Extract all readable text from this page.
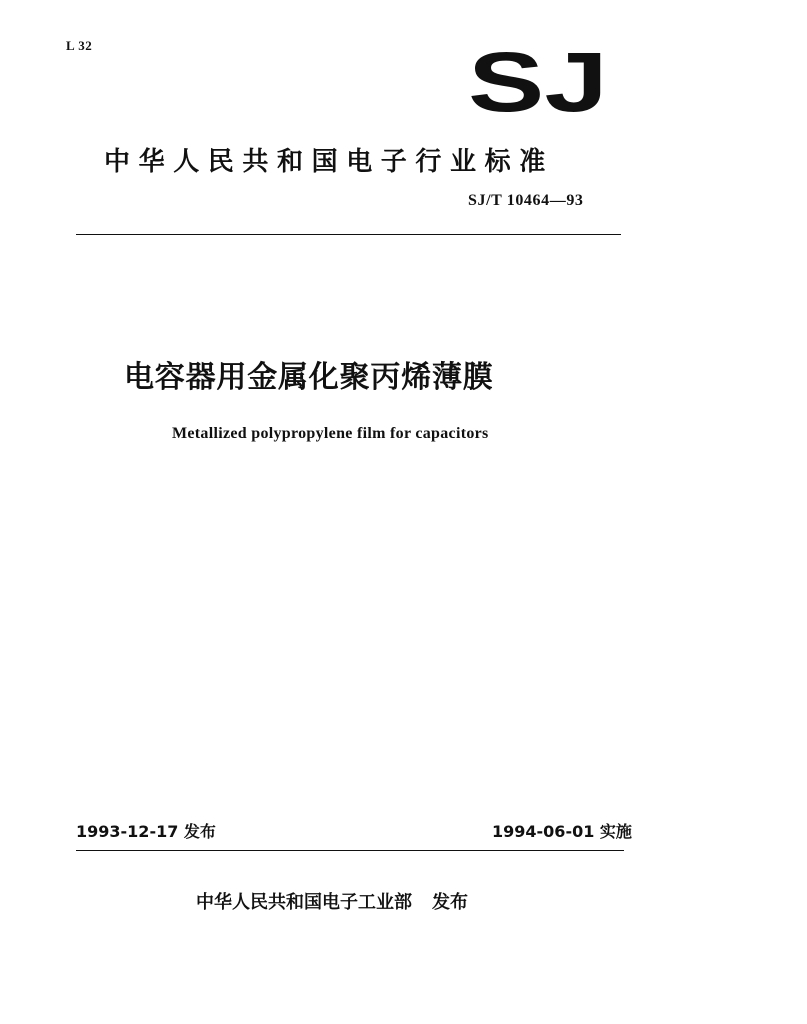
L 32	SJ
中华人民共和国电子行业标准
SJ/T 10464—93
电容器用金属化聚丙烯薄膜
Metallized polypropylene film for capacitors
1993-12-17 发布	1994-06-01 实施
中华人民共和国电子工业部 发布
